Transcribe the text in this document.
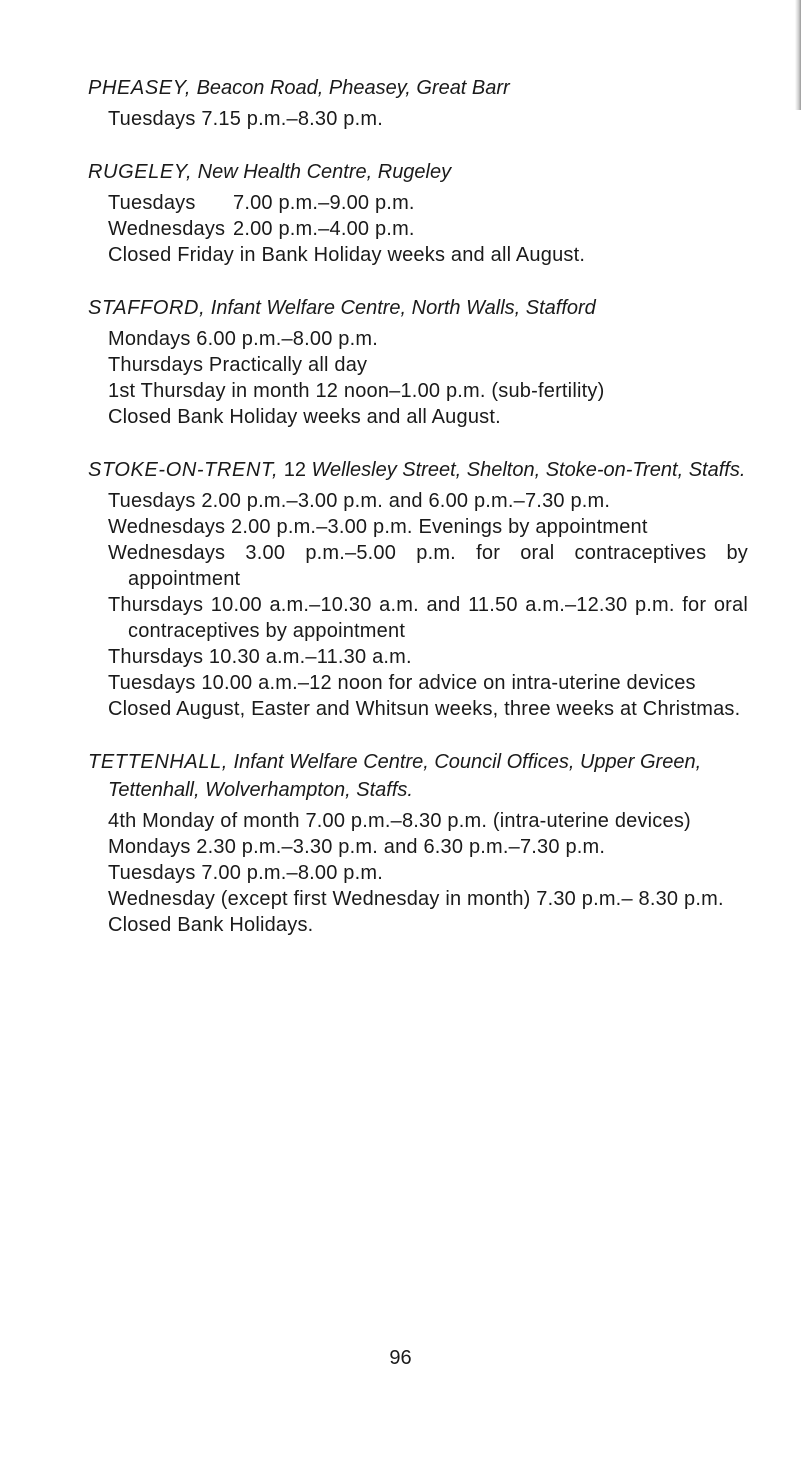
PHEASEY, Beacon Road, Pheasey, Great Barr

Tuesdays 7.15 p.m.–8.30 p.m.

RUGELEY, New Health Centre, Rugeley

Tuesdays 7.00 p.m.–9.00 p.m.

Wednesdays 2.00 p.m.–4.00 p.m.

Closed Friday in Bank Holiday weeks and all August.

STAFFORD, Infant Welfare Centre, North Walls, Stafford

Mondays 6.00 p.m.–8.00 p.m.

Thursdays Practically all day

1st Thursday in month 12 noon–1.00 p.m. (sub-fertility)

Closed Bank Holiday weeks and all August.

STOKE-ON-TRENT, 12 Wellesley Street, Shelton, Stoke-on-Trent, Staffs.

Tuesdays 2.00 p.m.–3.00 p.m. and 6.00 p.m.–7.30 p.m.

Wednesdays 2.00 p.m.–3.00 p.m. Evenings by appointment

Wednesdays 3.00 p.m.–5.00 p.m. for oral contraceptives by appointment

Thursdays 10.00 a.m.–10.30 a.m. and 11.50 a.m.–12.30 p.m. for oral contraceptives by appointment

Thursdays 10.30 a.m.–11.30 a.m.

Tuesdays 10.00 a.m.–12 noon for advice on intra-uterine devices

Closed August, Easter and Whitsun weeks, three weeks at Christmas.

TETTENHALL, Infant Welfare Centre, Council Offices, Upper Green, Tettenhall, Wolverhampton, Staffs.

4th Monday of month 7.00 p.m.–8.30 p.m. (intra-uterine devices)

Mondays 2.30 p.m.–3.30 p.m. and 6.30 p.m.–7.30 p.m.

Tuesdays 7.00 p.m.–8.00 p.m.

Wednesday (except first Wednesday in month) 7.30 p.m.– 8.30 p.m.

Closed Bank Holidays.

96
